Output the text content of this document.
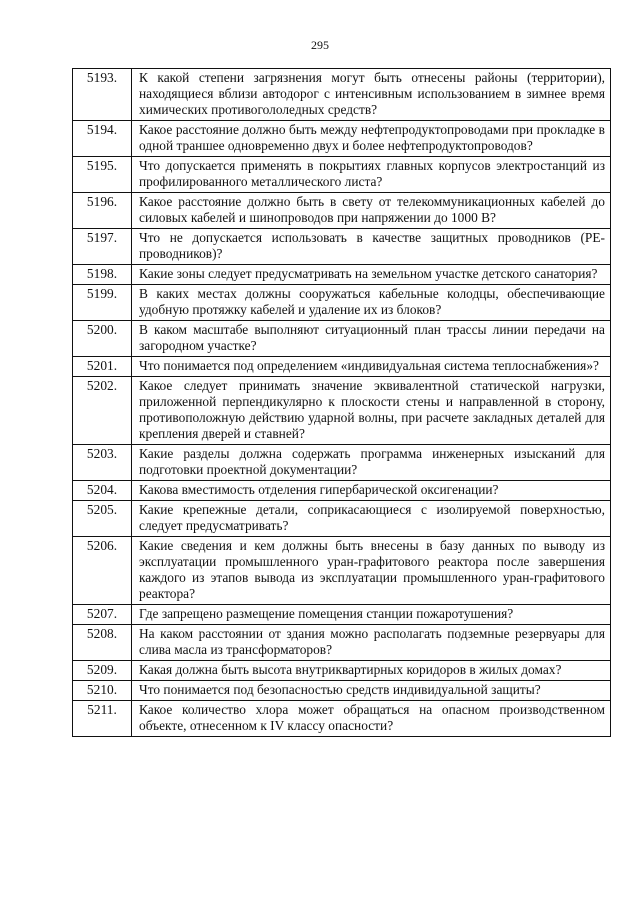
295
5193.	К какой степени загрязнения могут быть отнесены районы (территории), находящиеся вблизи автодорог с интенсивным использованием в зимнее время химических противогололедных средств?
5194.	Какое расстояние должно быть между нефтепродуктопроводами при прокладке в одной траншее одновременно двух и более нефтепродуктопроводов?
5195.	Что допускается применять в покрытиях главных корпусов электростанций из профилированного металлического листа?
5196.	Какое расстояние должно быть в свету от телекоммуникационных кабелей до силовых кабелей и шинопроводов при напряжении до 1000 В?
5197.	Что не допускается использовать в качестве защитных проводников (PE-проводников)?
5198.	Какие зоны следует предусматривать на земельном участке детского санатория?
5199.	В каких местах должны сооружаться кабельные колодцы, обеспечивающие удобную протяжку кабелей и удаление их из блоков?
5200.	В каком масштабе выполняют ситуационный план трассы линии передачи на загородном участке?
5201.	Что понимается под определением «индивидуальная система теплоснабжения»?
5202.	Какое следует принимать значение эквивалентной статической нагрузки, приложенной перпендикулярно к плоскости стены и направленной в сторону, противоположную действию ударной волны, при расчете закладных деталей для крепления дверей и ставней?
5203.	Какие разделы должна содержать программа инженерных изысканий для подготовки проектной документации?
5204.	Какова вместимость отделения гипербарической оксигенации?
5205.	Какие крепежные детали, соприкасающиеся с изолируемой поверхностью, следует предусматривать?
5206.	Какие сведения и кем должны быть внесены в базу данных по выводу из эксплуатации промышленного уран-графитового реактора после завершения каждого из этапов вывода из эксплуатации промышленного уран-графитового реактора?
5207.	Где запрещено размещение помещения станции пожаротушения?
5208.	На каком расстоянии от здания можно располагать подземные резервуары для слива масла из трансформаторов?
5209.	Какая должна быть высота внутриквартирных коридоров в жилых домах?
5210.	Что понимается под безопасностью средств индивидуальной защиты?
5211.	Какое количество хлора может обращаться на опасном производственном объекте, отнесенном к IV классу опасности?
